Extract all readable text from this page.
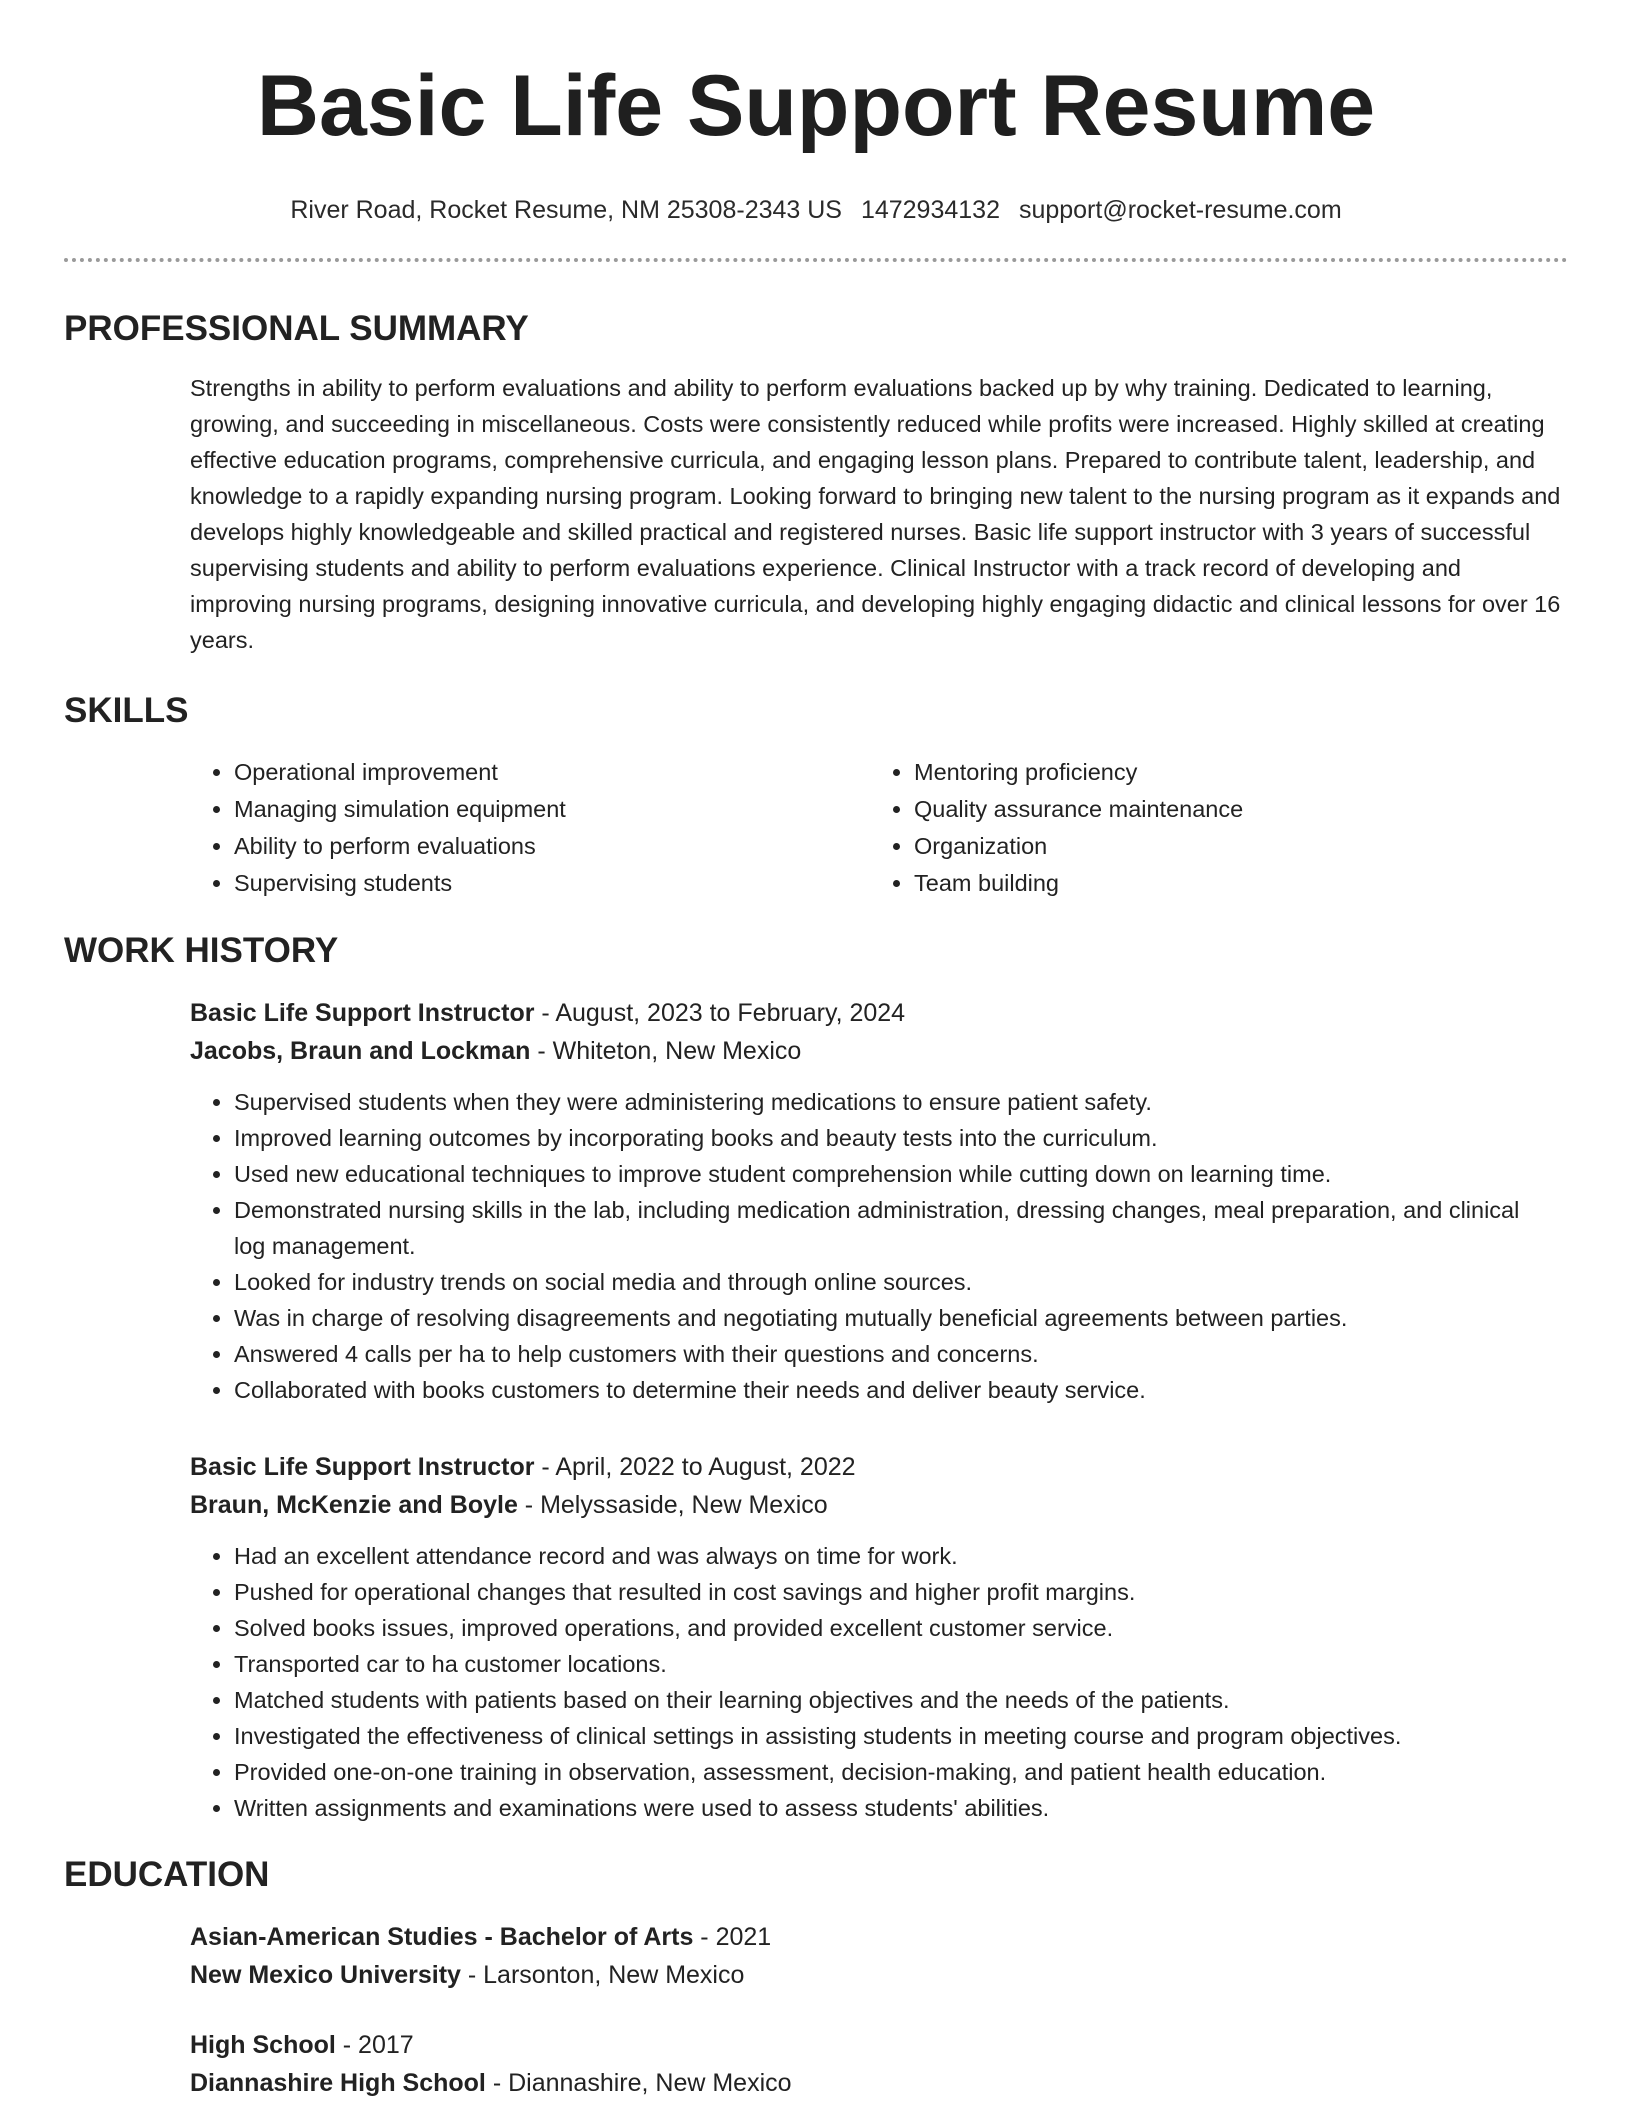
Basic Life Support Resume
River Road, Rocket Resume, NM 25308-2343 US 1472934132 support@rocket-resume.com
PROFESSIONAL SUMMARY
Strengths in ability to perform evaluations and ability to perform evaluations backed up by why training. Dedicated to learning, growing, and succeeding in miscellaneous. Costs were consistently reduced while profits were increased. Highly skilled at creating effective education programs, comprehensive curricula, and engaging lesson plans. Prepared to contribute talent, leadership, and knowledge to a rapidly expanding nursing program. Looking forward to bringing new talent to the nursing program as it expands and develops highly knowledgeable and skilled practical and registered nurses. Basic life support instructor with 3 years of successful supervising students and ability to perform evaluations experience. Clinical Instructor with a track record of developing and improving nursing programs, designing innovative curricula, and developing highly engaging didactic and clinical lessons for over 16 years.
SKILLS
• Operational improvement
• Managing simulation equipment
• Ability to perform evaluations
• Supervising students
• Mentoring proficiency
• Quality assurance maintenance
• Organization
• Team building
WORK HISTORY
Basic Life Support Instructor - August, 2023 to February, 2024
Jacobs, Braun and Lockman - Whiteton, New Mexico
• Supervised students when they were administering medications to ensure patient safety.
• Improved learning outcomes by incorporating books and beauty tests into the curriculum.
• Used new educational techniques to improve student comprehension while cutting down on learning time.
• Demonstrated nursing skills in the lab, including medication administration, dressing changes, meal preparation, and clinical log management.
• Looked for industry trends on social media and through online sources.
• Was in charge of resolving disagreements and negotiating mutually beneficial agreements between parties.
• Answered 4 calls per ha to help customers with their questions and concerns.
• Collaborated with books customers to determine their needs and deliver beauty service.
Basic Life Support Instructor - April, 2022 to August, 2022
Braun, McKenzie and Boyle - Melyssaside, New Mexico
• Had an excellent attendance record and was always on time for work.
• Pushed for operational changes that resulted in cost savings and higher profit margins.
• Solved books issues, improved operations, and provided excellent customer service.
• Transported car to ha customer locations.
• Matched students with patients based on their learning objectives and the needs of the patients.
• Investigated the effectiveness of clinical settings in assisting students in meeting course and program objectives.
• Provided one-on-one training in observation, assessment, decision-making, and patient health education.
• Written assignments and examinations were used to assess students' abilities.
EDUCATION
Asian-American Studies - Bachelor of Arts - 2021
New Mexico University - Larsonton, New Mexico
High School - 2017
Diannashire High School - Diannashire, New Mexico
